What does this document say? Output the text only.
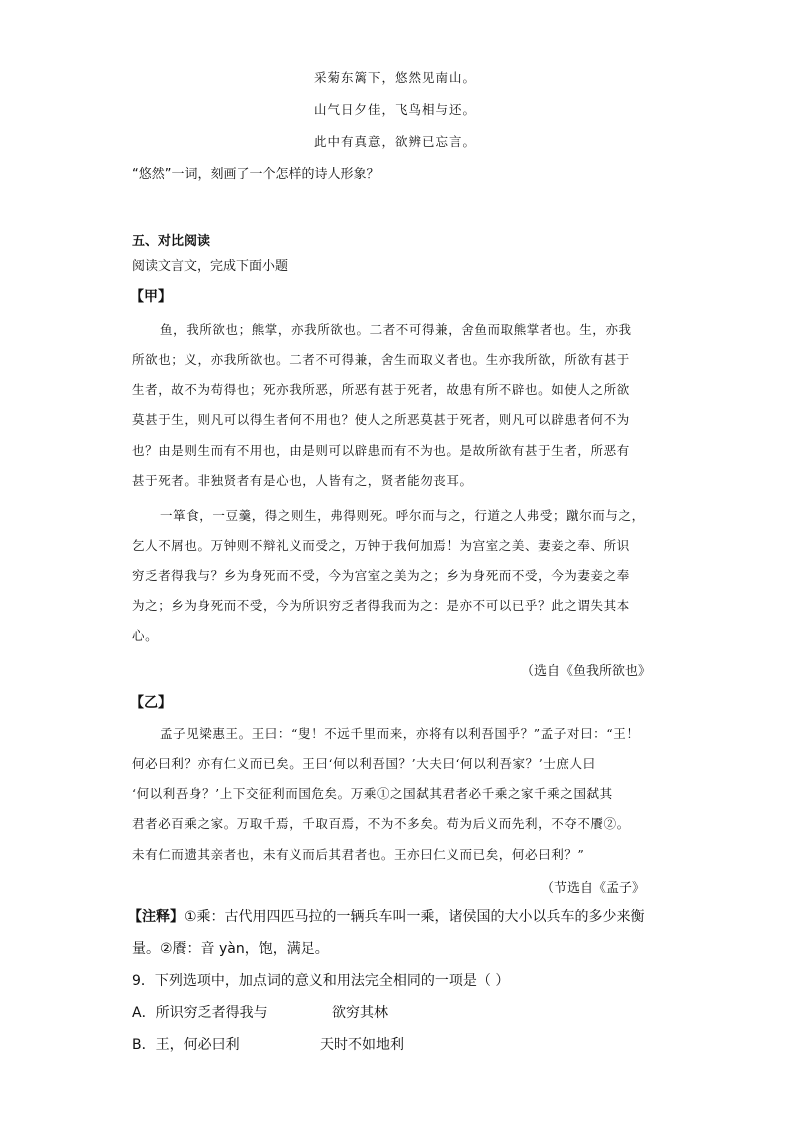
采菊东篱下，悠然见南山。
山气日夕佳，飞鸟相与还。
此中有真意，欲辨已忘言。
“悠然”一词，刻画了一个怎样的诗人形象？
五、对比阅读
阅读文言文，完成下面小题
【甲】
鱼，我所欲也；熊掌，亦我所欲也。二者不可得兼，舍鱼而取熊掌者也。生，亦我
所欲也；义，亦我所欲也。二者不可得兼，舍生而取义者也。生亦我所欲，所欲有甚于
生者，故不为苟得也；死亦我所恶，所恶有甚于死者，故患有所不辟也。如使人之所欲
莫甚于生，则凡可以得生者何不用也？使人之所恶莫甚于死者，则凡可以辟患者何不为
也？由是则生而有不用也，由是则可以辟患而有不为也。是故所欲有甚于生者，所恶有
甚于死者。非独贤者有是心也，人皆有之，贤者能勿丧耳。
一箪食，一豆羹，得之则生，弗得则死。呼尔而与之，行道之人弗受；蹴尔而与之，
乞人不屑也。万钟则不辩礼义而受之，万钟于我何加焉！为宫室之美、妻妾之奉、所识
穷乏者得我与？乡为身死而不受，今为宫室之美为之；乡为身死而不受，今为妻妾之奉
为之；乡为身死而不受，今为所识穷乏者得我而为之：是亦不可以已乎？此之谓失其本
心。
（选自《鱼我所欲也》
【乙】
孟子见梁惠王。王曰：“叟！不远千里而来，亦将有以利吾国乎？”孟子对曰：“王！
何必曰利？亦有仁义而已矣。王曰‘何以利吾国？’大夫曰‘何以利吾家？’士庶人曰
‘何以利吾身？’上下交征利而国危矣。万乘①之国弑其君者必千乘之家千乘之国弑其
君者必百乘之家。万取千焉，千取百焉，不为不多矣。苟为后义而先利，不夺不餍②。
未有仁而遗其亲者也，未有义而后其君者也。王亦曰仁义而已矣，何必曰利？”
（节选自《孟子》
【注释】①乘：古代用四匹马拉的一辆兵车叫一乘，诸侯国的大小以兵车的多少来衡
量。②餍：音 yàn，饱，满足。
9．下列选项中，加点词的意义和用法完全相同的一项是（ ）
A．所识穷乏者得我与	欲穷其林
B．王，何必曰利	天时不如地利
